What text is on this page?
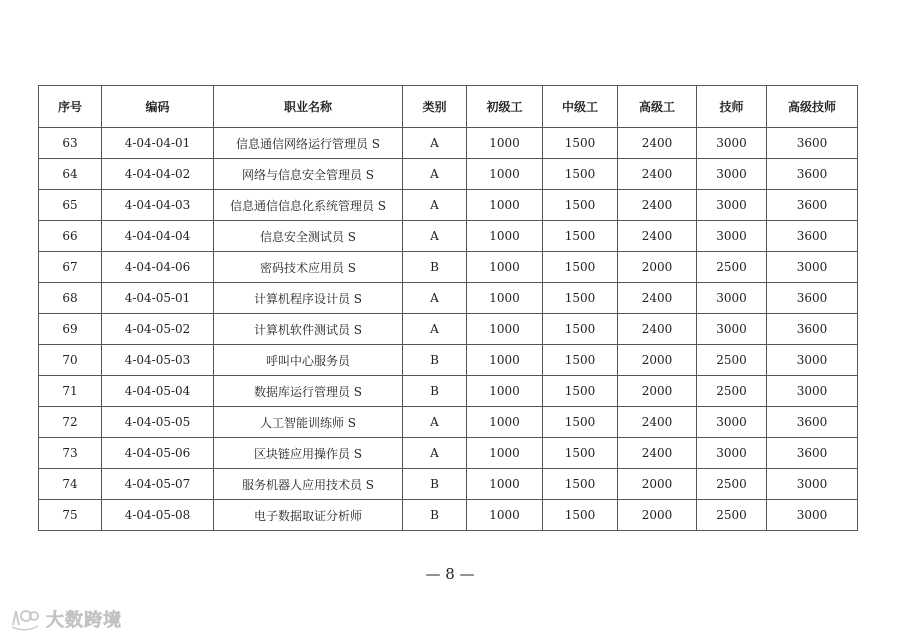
序号	编码	职业名称	类别	初级工	中级工	高级工	技师	高级技师
63	4-04-04-01	信息通信网络运行管理员 S	A	1000	1500	2400	3000	3600
64	4-04-04-02	网络与信息安全管理员 S	A	1000	1500	2400	3000	3600
65	4-04-04-03	信息通信信息化系统管理员 S	A	1000	1500	2400	3000	3600
66	4-04-04-04	信息安全测试员 S	A	1000	1500	2400	3000	3600
67	4-04-04-06	密码技术应用员 S	B	1000	1500	2000	2500	3000
68	4-04-05-01	计算机程序设计员 S	A	1000	1500	2400	3000	3600
69	4-04-05-02	计算机软件测试员 S	A	1000	1500	2400	3000	3600
70	4-04-05-03	呼叫中心服务员	B	1000	1500	2000	2500	3000
71	4-04-05-04	数据库运行管理员 S	B	1000	1500	2000	2500	3000
72	4-04-05-05	人工智能训练师 S	A	1000	1500	2400	3000	3600
73	4-04-05-06	区块链应用操作员 S	A	1000	1500	2400	3000	3600
74	4-04-05-07	服务机器人应用技术员 S	B	1000	1500	2000	2500	3000
75	4-04-05-08	电子数据取证分析师	B	1000	1500	2000	2500	3000
— 8 —
大数跨境
